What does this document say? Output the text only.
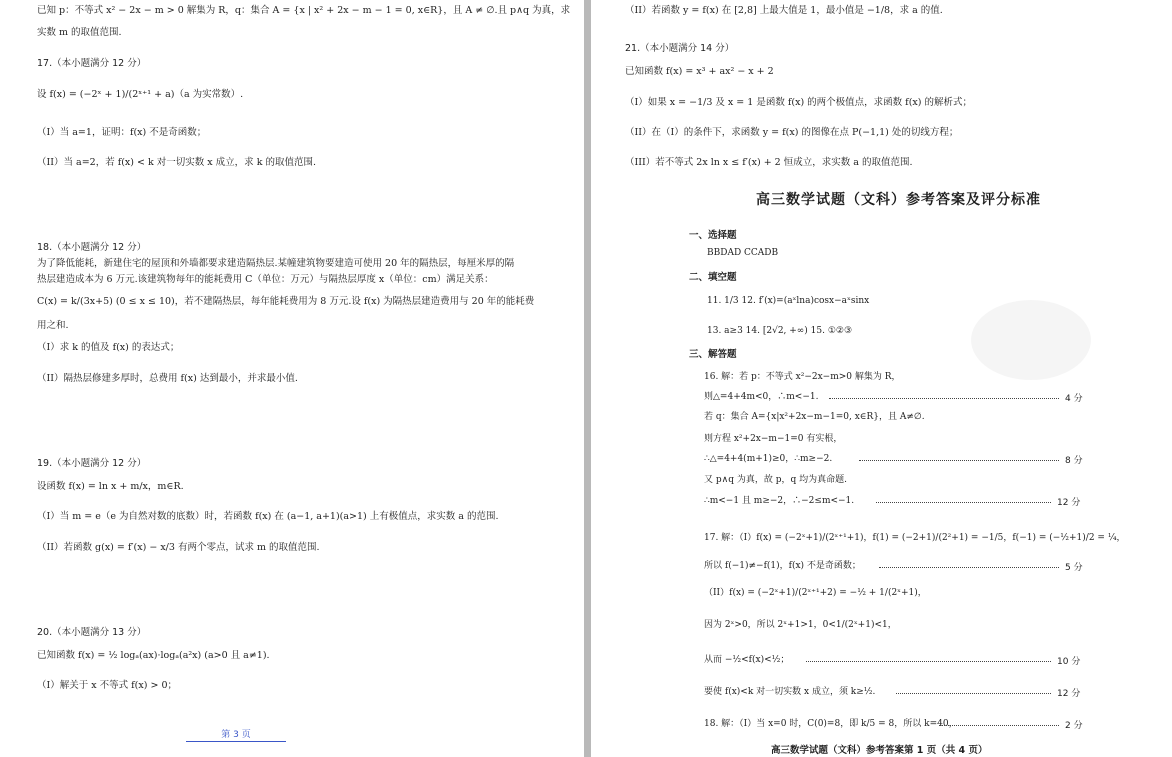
已知 p：不等式 x² − 2x − m > 0 解集为 R，q：集合 A = {x | x² + 2x − m − 1 = 0, x∈R}，且 A ≠ ∅.且 p∧q 为真，求
实数 m 的取值范围.
17.（本小题满分 12 分）
设 f(x) = (−2ˣ + 1)/(2ˣ⁺¹ + a)（a 为实常数）.
（I）当 a=1，证明：f(x) 不是奇函数；
（II）当 a=2，若 f(x) < k 对一切实数 x 成立，求 k 的取值范围.
18.（本小题满分 12 分）
为了降低能耗，新建住宅的屋顶和外墙都要求建造隔热层.某幢建筑物要建造可使用 20 年的隔热层，每厘米厚的隔
热层建造成本为 6 万元.该建筑物每年的能耗费用 C（单位：万元）与隔热层厚度 x（单位：cm）满足关系：
C(x) = k/(3x+5) (0 ≤ x ≤ 10)，若不建隔热层，每年能耗费用为 8 万元.设 f(x) 为隔热层建造费用与 20 年的能耗费
用之和.
（I）求 k 的值及 f(x) 的表达式；
（II）隔热层修建多厚时，总费用 f(x) 达到最小，并求最小值.
19.（本小题满分 12 分）
设函数 f(x) = ln x + m/x，m∈R.
（I）当 m = e（e 为自然对数的底数）时，若函数 f(x) 在 (a−1, a+1)(a>1) 上有极值点，求实数 a 的范围.
（II）若函数 g(x) = f′(x) − x/3 有两个零点，试求 m 的取值范围.
20.（本小题满分 13 分）
已知函数 f(x) = ½ logₐ(ax)·logₐ(a²x) (a>0 且 a≠1).
（I）解关于 x 不等式 f(x) > 0；
第 3 页
（II）若函数 y = f(x) 在 [2,8] 上最大值是 1，最小值是 −1/8，求 a 的值.
21.（本小题满分 14 分）
已知函数 f(x) = x³ + ax² − x + 2
（I）如果 x = −1/3 及 x = 1 是函数 f(x) 的两个极值点，求函数 f(x) 的解析式；
（II）在（I）的条件下，求函数 y = f(x) 的图像在点 P(−1,1) 处的切线方程；
（III）若不等式 2x ln x ≤ f′(x) + 2 恒成立，求实数 a 的取值范围.
高三数学试题（文科）参考答案及评分标准
一、选择题
BBDAD CCADB
二、填空题
11. 1/3 12. f′(x)=(aˣlna)cosx−aˣsinx
13. a≥3 14. [2√2, +∞) 15. ①②③
三、解答题
16. 解：若 p：不等式 x²−2x−m>0 解集为 R，
则△=4+4m<0，∴m<−1.	4 分
若 q：集合 A={x|x²+2x−m−1=0, x∈R}，且 A≠∅.
则方程 x²+2x−m−1=0 有实根，
∴△=4+4(m+1)≥0，∴m≥−2.	8 分
又 p∧q 为真，故 p，q 均为真命题.
∴m<−1 且 m≥−2，∴−2≤m<−1.	12 分
17. 解：（I）f(x) = (−2ˣ+1)/(2ˣ⁺¹+1)，f(1) = (−2+1)/(2²+1) = −1/5，f(−1) = (−½+1)/2 = ¼，
所以 f(−1)≠−f(1)，f(x) 不是奇函数；	5 分
（II）f(x) = (−2ˣ+1)/(2ˣ⁺¹+2) = −½ + 1/(2ˣ+1)，
因为 2ˣ>0，所以 2ˣ+1>1，0<1/(2ˣ+1)<1，
从而 −½<f(x)<½；	10 分
要使 f(x)<k 对一切实数 x 成立，须 k≥½.	12 分
18. 解：（I）当 x=0 时，C(0)=8，即 k/5 = 8，所以 k=40，	2 分
高三数学试题（文科）参考答案第 1 页（共 4 页）
